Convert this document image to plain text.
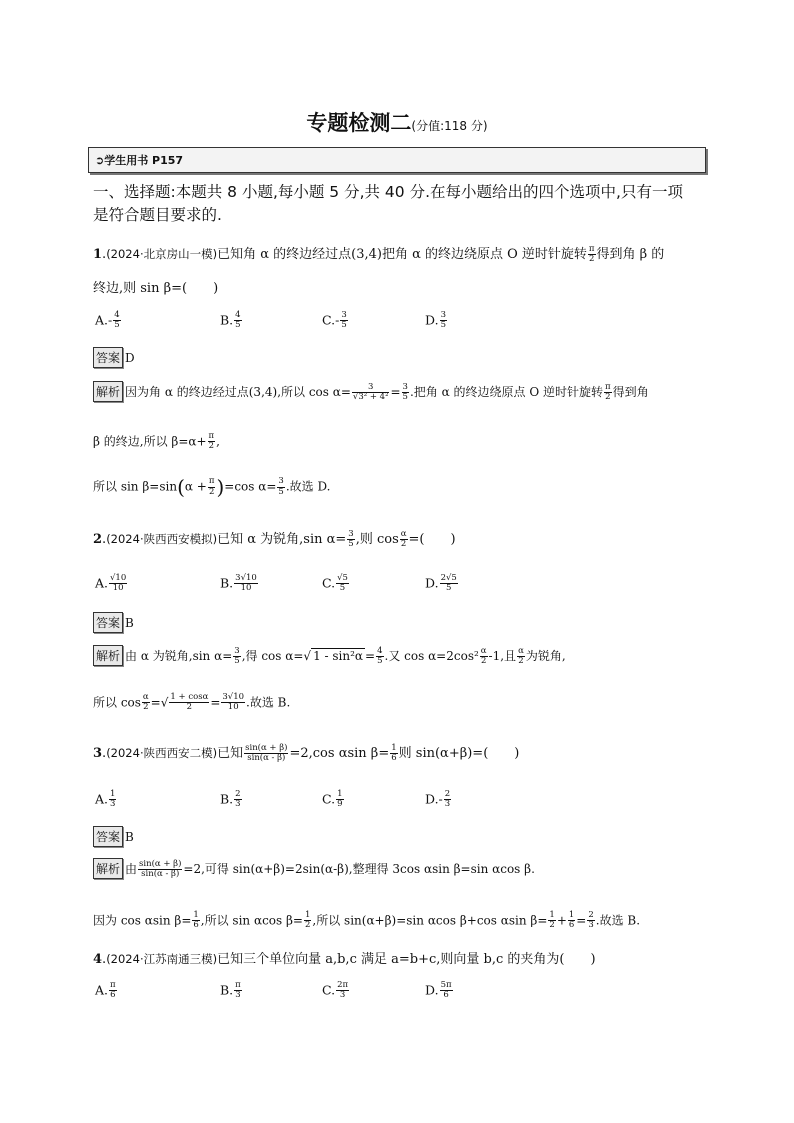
专题检测二(分值:118 分)
➲学生用书 P157
一、选择题:本题共 8 小题,每小题 5 分,共 40 分.在每小题给出的四个选项中,只有一项
是符合题目要求的.
1.(2024·北京房山一模)已知角 α 的终边经过点(3,4)把角 α 的终边绕原点 O 逆时针旋转 $\frac{\pi}{2}$ 得到角 β 的
终边,则 sin β=(　　)
$A.- \frac{4}{5}$	B. $\frac{4}{5}$	$C.- \frac{3}{5}$	D. $\frac{3}{5}$
答案 D
解析 因为角 α 的终边经过点(3,4),所以 $\cos \alpha= \frac{3}{\text{√3² + 4²}} = \frac{3}{5}$ .把角 α 的终边绕原点 O 逆时针旋转 $\frac{\pi}{2}$ 得到角
β 的终边,所以 $\beta=\alpha+ \frac{\pi}{2}$ ,
所以 $\sin \beta=\sin(\alpha + \frac{\pi}{2} )=\cos$ $\alpha= \frac{3}{5}$ .故选 D.
2.(2024·陕西西安模拟)已知 α 为锐角,sin $\alpha= \frac{3}{5}$ ,则 $\cos \frac{\alpha}{2}$ =(　　)
A. $\frac{√10}{10}$	B. $\frac{3√10}{10}$	C. $\frac{√5}{5}$	D. $\frac{2√5}{5}$
答案 B
解析 由 α 为锐角,sin $\alpha= \frac{3}{5}$ ,得 cos α=√ $1 - \sin^2\alpha = \frac{4}{5}$ .又 $\cos \alpha=2\cos^2 \frac{\alpha}{2} -1$,且 $\frac{\alpha}{2}$ 为锐角,
所以 $\cos \frac{\alpha}{2}$ =√ $\frac{1 + \cos\alpha}{2} = \frac{3√10}{10}$ .故选 B.
3.(2024·陕西西安二模)已知 $\frac{\sin(\alpha + \beta)}{\sin(\alpha - \beta)} =2,\cos$ αsin $\beta= \frac{1}{6}$ 则 sin(α+β)=(　　)
A. $\frac{1}{3}$	B. $\frac{2}{3}$	C. $\frac{1}{9}$	$D.- \frac{2}{3}$
答案 B
解析 由 $\frac{\sin(\alpha + \beta)}{\sin(\alpha - \beta)} =2$,可得 sin(α+β)=2sin(α-β),整理得 3cos αsin β=sin αcos β.
因为 cos αsin $\beta= \frac{1}{6}$ ,所以 sin αcos $\beta= \frac{1}{2}$ ,所以 sin(α+β)=sin αcos β+cos αsin $\beta= \frac{1}{2} + \frac{1}{6} = \frac{2}{3}$ .故选 B.
4.(2024·江苏南通三模)已知三个单位向量 a,b,c 满足 a=b+c,则向量 b,c 的夹角为(　　)
A. $\frac{\pi}{6}$	B. $\frac{\pi}{3}$	C. $\frac{2\pi}{3}$	D. $\frac{5\pi}{6}$
